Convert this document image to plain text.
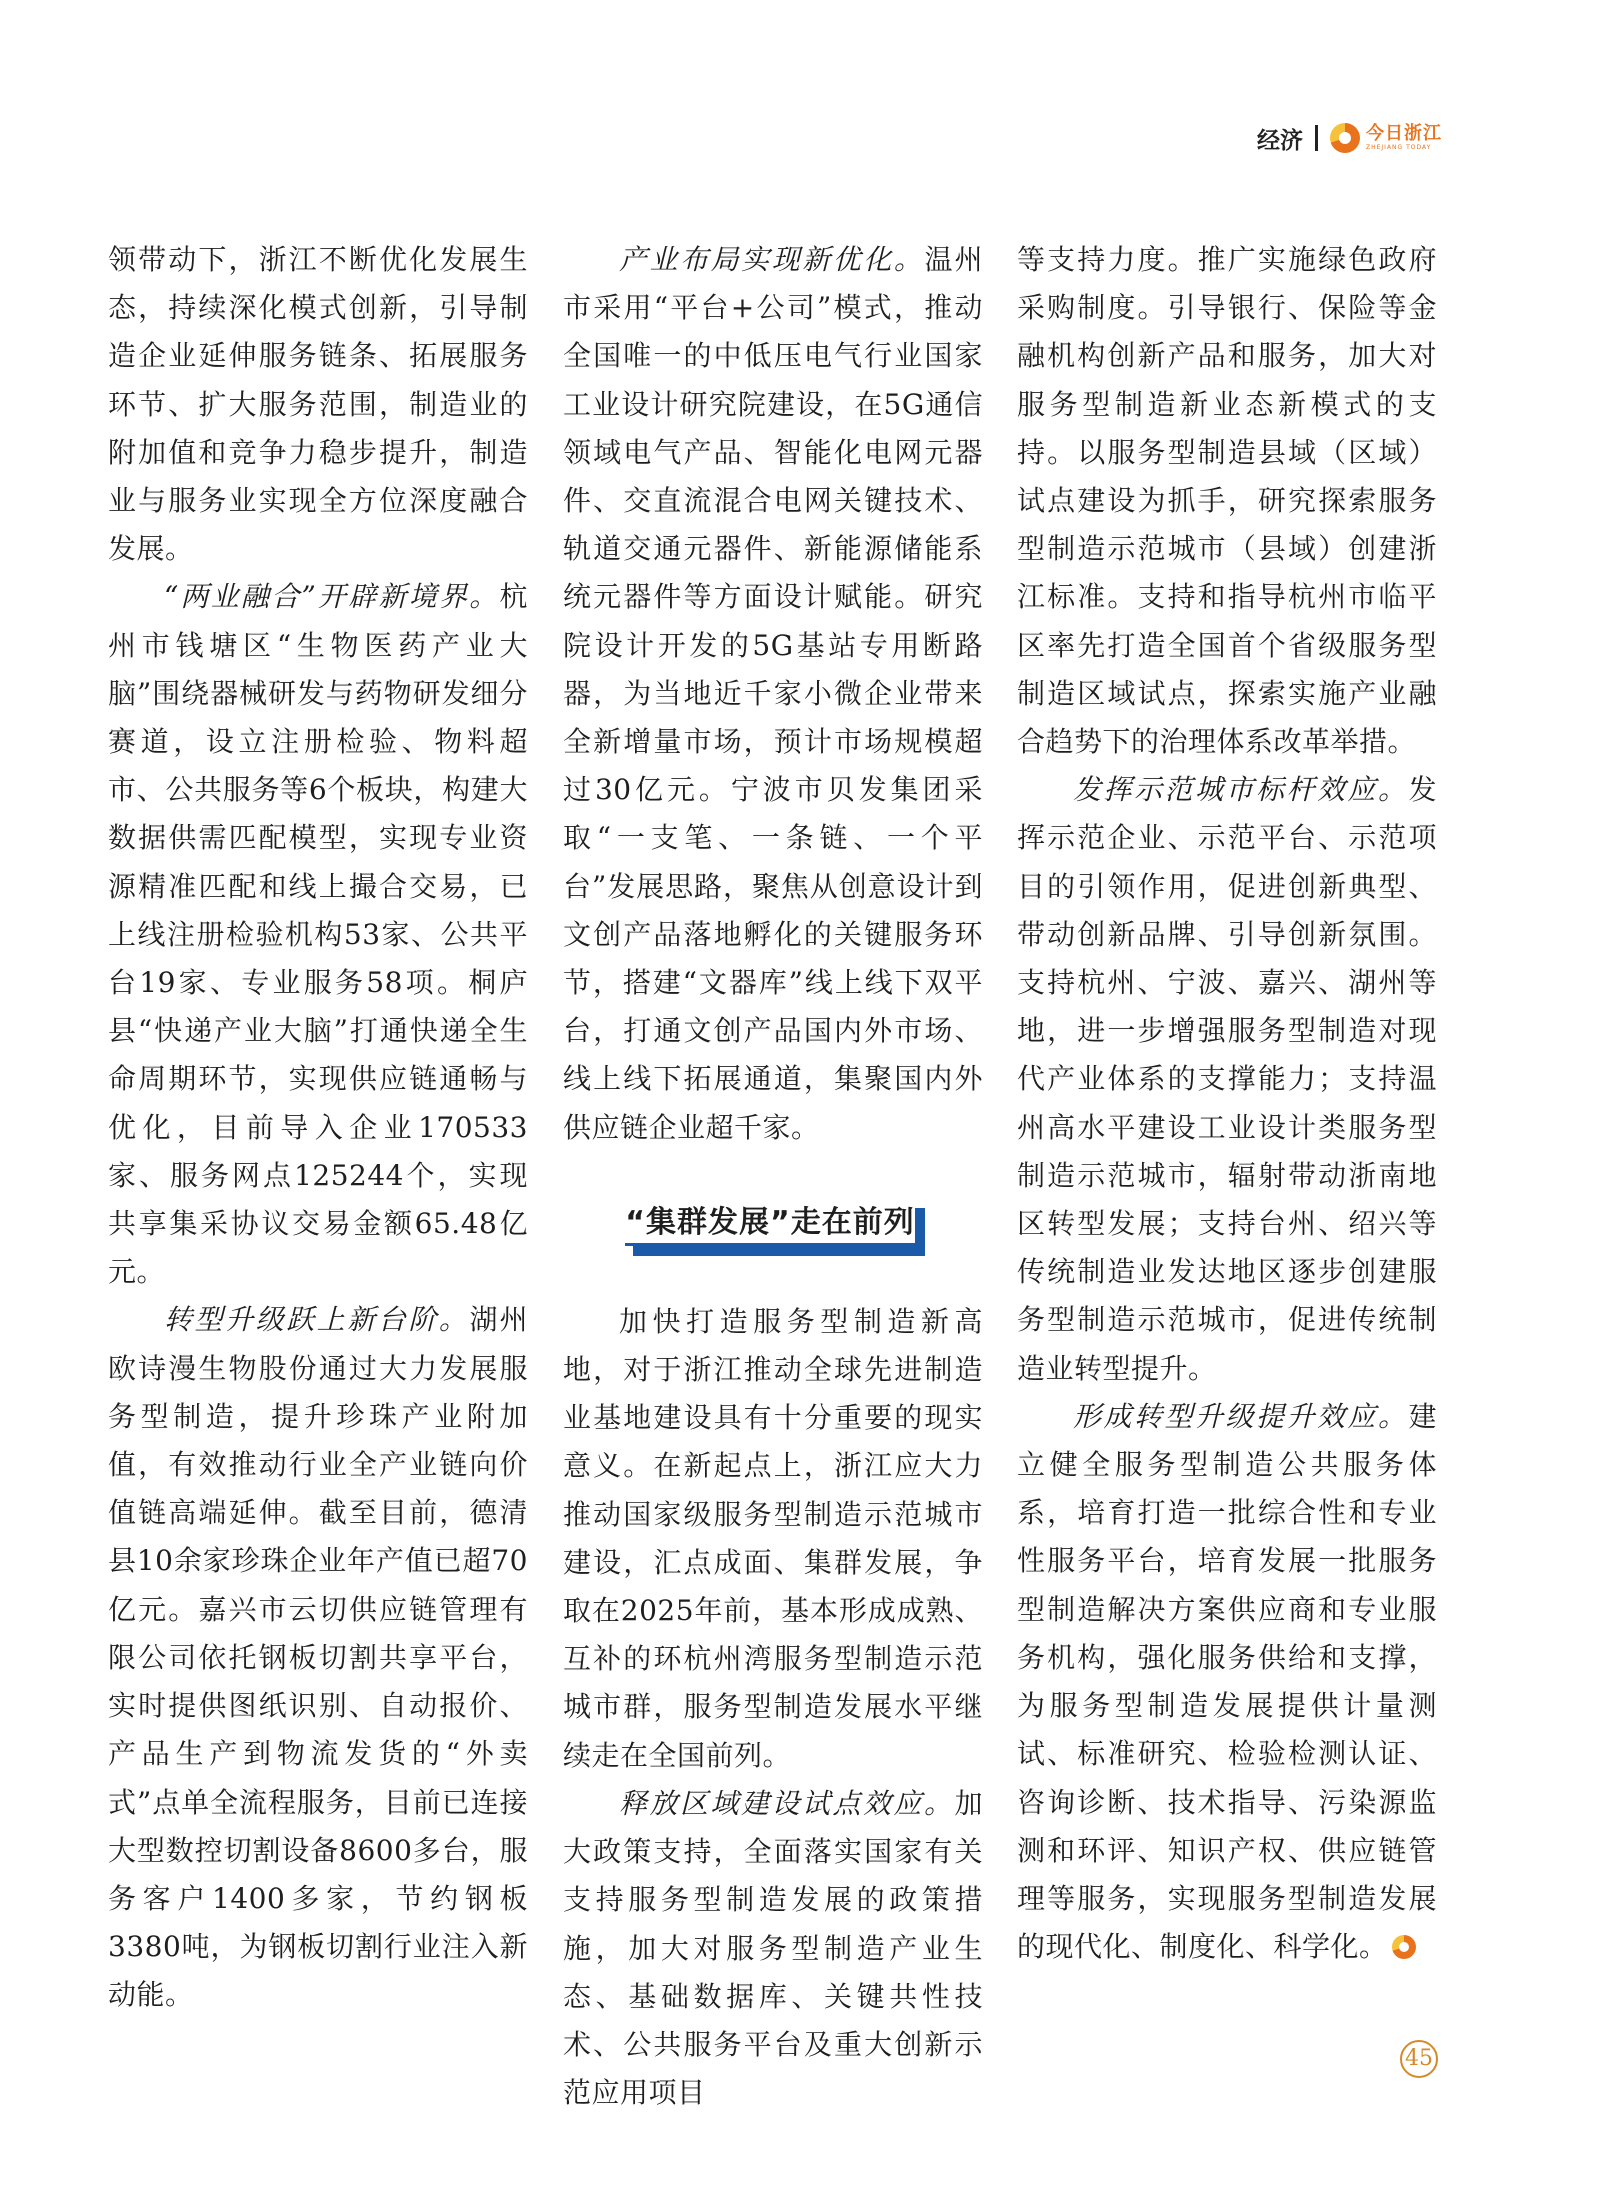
经济	今日浙江
ZHEJIANG TODAY

领带动下，浙江不断优化发展生态，持续深化模式创新，引导制造企业延伸服务链条、拓展服务环节、扩大服务范围，制造业的附加值和竞争力稳步提升，制造业与服务业实现全方位深度融合发展。

“两业融合”开辟新境界。杭州市钱塘区“生物医药产业大脑”围绕器械研发与药物研发细分赛道，设立注册检验、物料超市、公共服务等6个板块，构建大数据供需匹配模型，实现专业资源精准匹配和线上撮合交易，已上线注册检验机构53家、公共平台19家、专业服务58项。桐庐县“快递产业大脑”打通快递全生命周期环节，实现供应链通畅与优化，目前导入企业170533家、服务网点125244个，实现共享集采协议交易金额65.48亿元。

转型升级跃上新台阶。湖州欧诗漫生物股份通过大力发展服务型制造，提升珍珠产业附加值，有效推动行业全产业链向价值链高端延伸。截至目前，德清县10余家珍珠企业年产值已超70亿元。嘉兴市云切供应链管理有限公司依托钢板切割共享平台，实时提供图纸识别、自动报价、产品生产到物流发货的“外卖式”点单全流程服务，目前已连接大型数控切割设备8600多台，服务客户1400多家，节约钢板3380吨，为钢板切割行业注入新动能。

产业布局实现新优化。温州市采用“平台+公司”模式，推动全国唯一的中低压电气行业国家工业设计研究院建设，在5G通信领域电气产品、智能化电网元器件、交直流混合电网关键技术、轨道交通元器件、新能源储能系统元器件等方面设计赋能。研究院设计开发的5G基站专用断路器，为当地近千家小微企业带来全新增量市场，预计市场规模超过30亿元。宁波市贝发集团采取“一支笔、一条链、一个平台”发展思路，聚焦从创意设计到文创产品落地孵化的关键服务环节，搭建“文器库”线上线下双平台，打通文创产品国内外市场、线上线下拓展通道，集聚国内外供应链企业超千家。

“集群发展”走在前列

加快打造服务型制造新高地，对于浙江推动全球先进制造业基地建设具有十分重要的现实意义。在新起点上，浙江应大力推动国家级服务型制造示范城市建设，汇点成面、集群发展，争取在2025年前，基本形成成熟、互补的环杭州湾服务型制造示范城市群，服务型制造发展水平继续走在全国前列。

释放区域建设试点效应。加大政策支持，全面落实国家有关支持服务型制造发展的政策措施，加大对服务型制造产业生态、基础数据库、关键共性技术、公共服务平台及重大创新示范应用项目

等支持力度。推广实施绿色政府采购制度。引导银行、保险等金融机构创新产品和服务，加大对服务型制造新业态新模式的支持。以服务型制造县域（区域）试点建设为抓手，研究探索服务型制造示范城市（县域）创建浙江标准。支持和指导杭州市临平区率先打造全国首个省级服务型制造区域试点，探索实施产业融合趋势下的治理体系改革举措。

发挥示范城市标杆效应。发挥示范企业、示范平台、示范项目的引领作用，促进创新典型、带动创新品牌、引导创新氛围。支持杭州、宁波、嘉兴、湖州等地，进一步增强服务型制造对现代产业体系的支撑能力；支持温州高水平建设工业设计类服务型制造示范城市，辐射带动浙南地区转型发展；支持台州、绍兴等传统制造业发达地区逐步创建服务型制造示范城市，促进传统制造业转型提升。

形成转型升级提升效应。建立健全服务型制造公共服务体系，培育打造一批综合性和专业性服务平台，培育发展一批服务型制造解决方案供应商和专业服务机构，强化服务供给和支撑，为服务型制造发展提供计量测试、标准研究、检验检测认证、咨询诊断、技术指导、污染源监测和环评、知识产权、供应链管理等服务，实现服务型制造发展的现代化、制度化、科学化。

45
